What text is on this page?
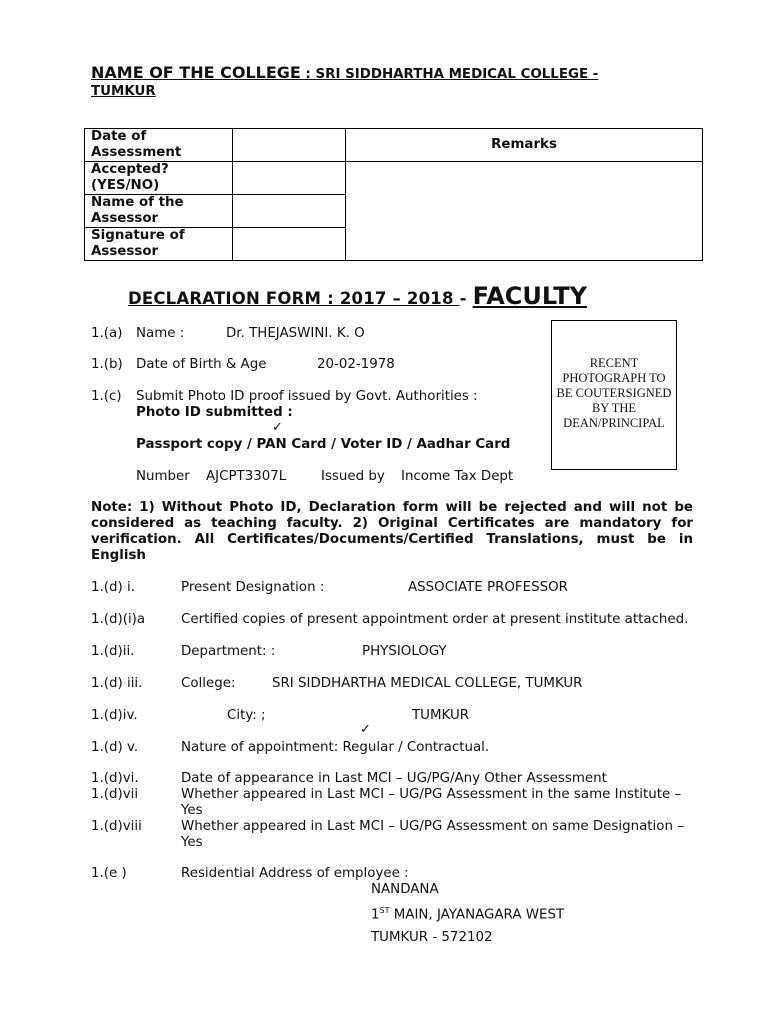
NAME OF THE COLLEGE : SRI SIDDHARTHA MEDICAL COLLEGE -
TUMKUR
Date of Assessment		Remarks
Accepted? (YES/NO)		
Name of the Assessor		
Signature of Assessor		
DECLARATION FORM : 2017 – 2018 - FACULTY
RECENT PHOTOGRAPH TO BE COUTERSIGNED BY THE DEAN/PRINCIPAL
1.(a) Name :	Dr. THEJASWINI. K. O
1.(b) Date of Birth & Age	20-02-1978
1.(c) Submit Photo ID proof issued by Govt. Authorities :
Photo ID submitted :
✓
Passport copy / PAN Card / Voter ID / Aadhar Card
Number AJCPT3307L	Issued by Income Tax Dept
Note: 1) Without Photo ID, Declaration form will be rejected and will not be considered as teaching faculty. 2) Original Certificates are mandatory for verification. All Certificates/Documents/Certified Translations, must be in English
1.(d) i.	Present Designation :	ASSOCIATE PROFESSOR
1.(d)(i)a	Certified copies of present appointment order at present institute attached.
1.(d)ii.	Department: :	PHYSIOLOGY
1.(d) iii.	College:	SRI SIDDHARTHA MEDICAL COLLEGE, TUMKUR
1.(d)iv.	City: ;	TUMKUR
✓
1.(d) v.	Nature of appointment: Regular / Contractual.
1.(d)vi.	Date of appearance in Last MCI – UG/PG/Any Other Assessment
1.(d)vii	Whether appeared in Last MCI – UG/PG Assessment in the same Institute –
Yes
1.(d)viii	Whether appeared in Last MCI – UG/PG Assessment on same Designation –
Yes
1.(e )	Residential Address of employee :
NANDANA
1ST MAIN, JAYANAGARA WEST
TUMKUR - 572102
